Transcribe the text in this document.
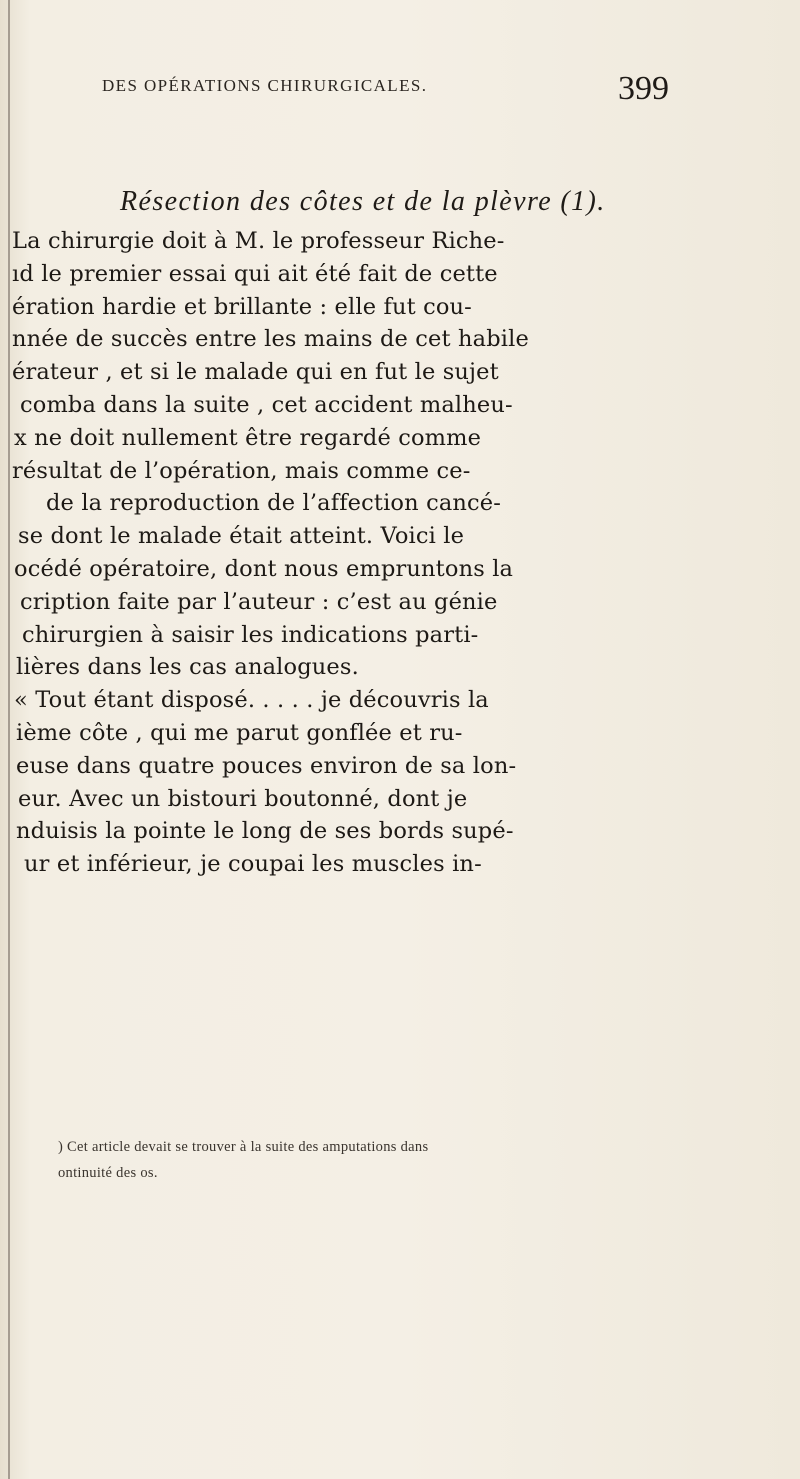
DES OPÉRATIONS CHIRURGICALES.	399
Résection des côtes et de la plèvre (1).
La chirurgie doit à M. le professeur Riche-
ıd le premier essai qui ait été fait de cette
ération hardie et brillante : elle fut cou-
nnée de succès entre les mains de cet habile
érateur , et si le malade qui en fut le sujet
comba dans la suite , cet accident malheu-
x ne doit nullement être regardé comme
résultat de l’opération, mais comme ce-
de la reproduction de l’affection cancé-
se dont le malade était atteint. Voici le
océdé opératoire, dont nous empruntons la
cription faite par l’auteur : c’est au génie
chirurgien à saisir les indications parti-
lières dans les cas analogues.
« Tout étant disposé. . . . . je découvris la
ième côte , qui me parut gonflée et ru-
euse dans quatre pouces environ de sa lon-
eur. Avec un bistouri boutonné, dont je
nduisis la pointe le long de ses bords supé-
ur et inférieur, je coupai les muscles in-
) Cet article devait se trouver à la suite des amputations dans
ontinuité des os.
